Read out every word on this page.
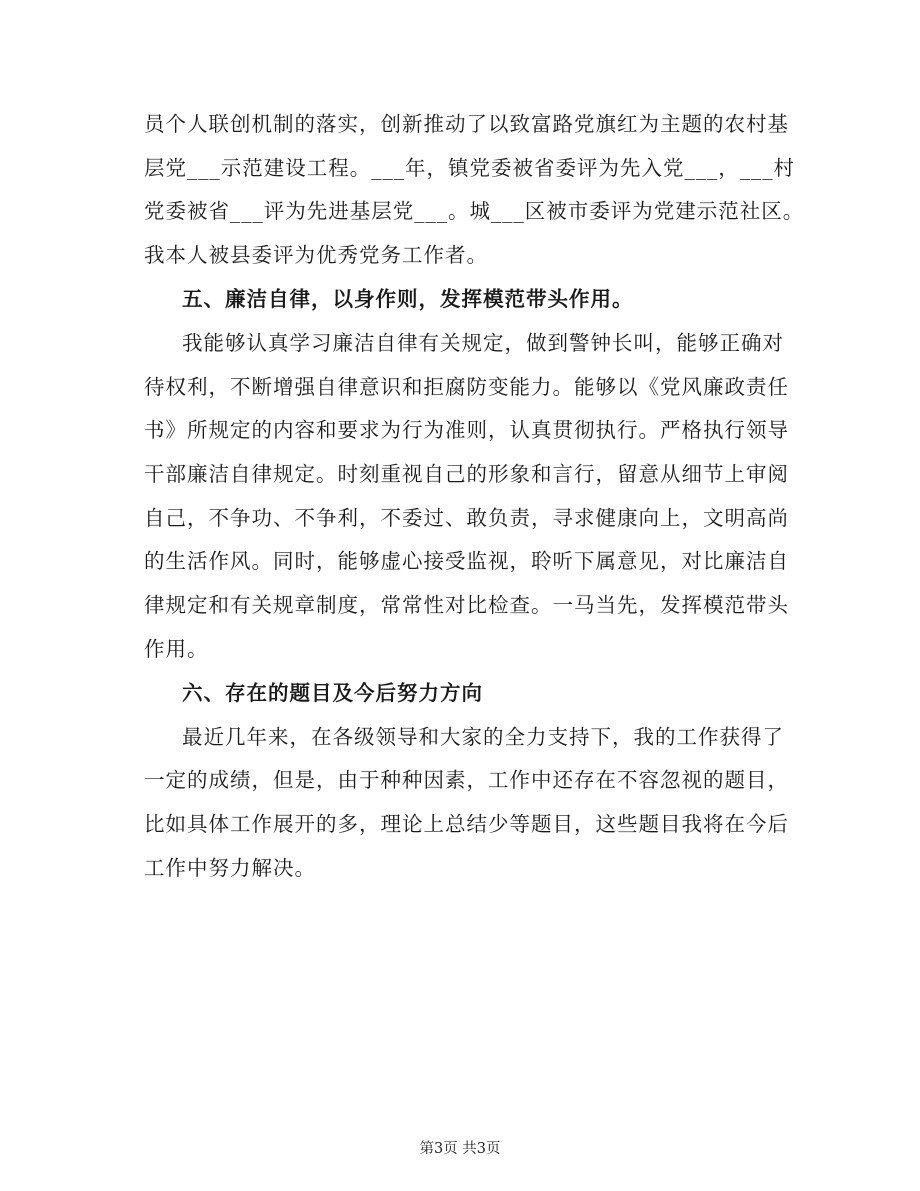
员个人联创机制的落实，创新推动了以致富路党旗红为主题的农村基
层党___示范建设工程。___年，镇党委被省委评为先入党___，___村
党委被省___评为先进基层党___。城___区被市委评为党建示范社区。
我本人被县委评为优秀党务工作者。
五、廉洁自律，以身作则，发挥模范带头作用。
我能够认真学习廉洁自律有关规定，做到警钟长叫，能够正确对
待权利，不断增强自律意识和拒腐防变能力。能够以《党风廉政责任
书》所规定的内容和要求为行为准则，认真贯彻执行。严格执行领导
干部廉洁自律规定。时刻重视自己的形象和言行，留意从细节上审阅
自己，不争功、不争利，不委过、敢负责，寻求健康向上，文明高尚
的生活作风。同时，能够虚心接受监视，聆听下属意见，对比廉洁自
律规定和有关规章制度，常常性对比检查。一马当先，发挥模范带头
作用。
六、存在的题目及今后努力方向
最近几年来，在各级领导和大家的全力支持下，我的工作获得了
一定的成绩，但是，由于种种因素，工作中还存在不容忽视的题目，
比如具体工作展开的多，理论上总结少等题目，这些题目我将在今后
工作中努力解决。
第3页 共3页
